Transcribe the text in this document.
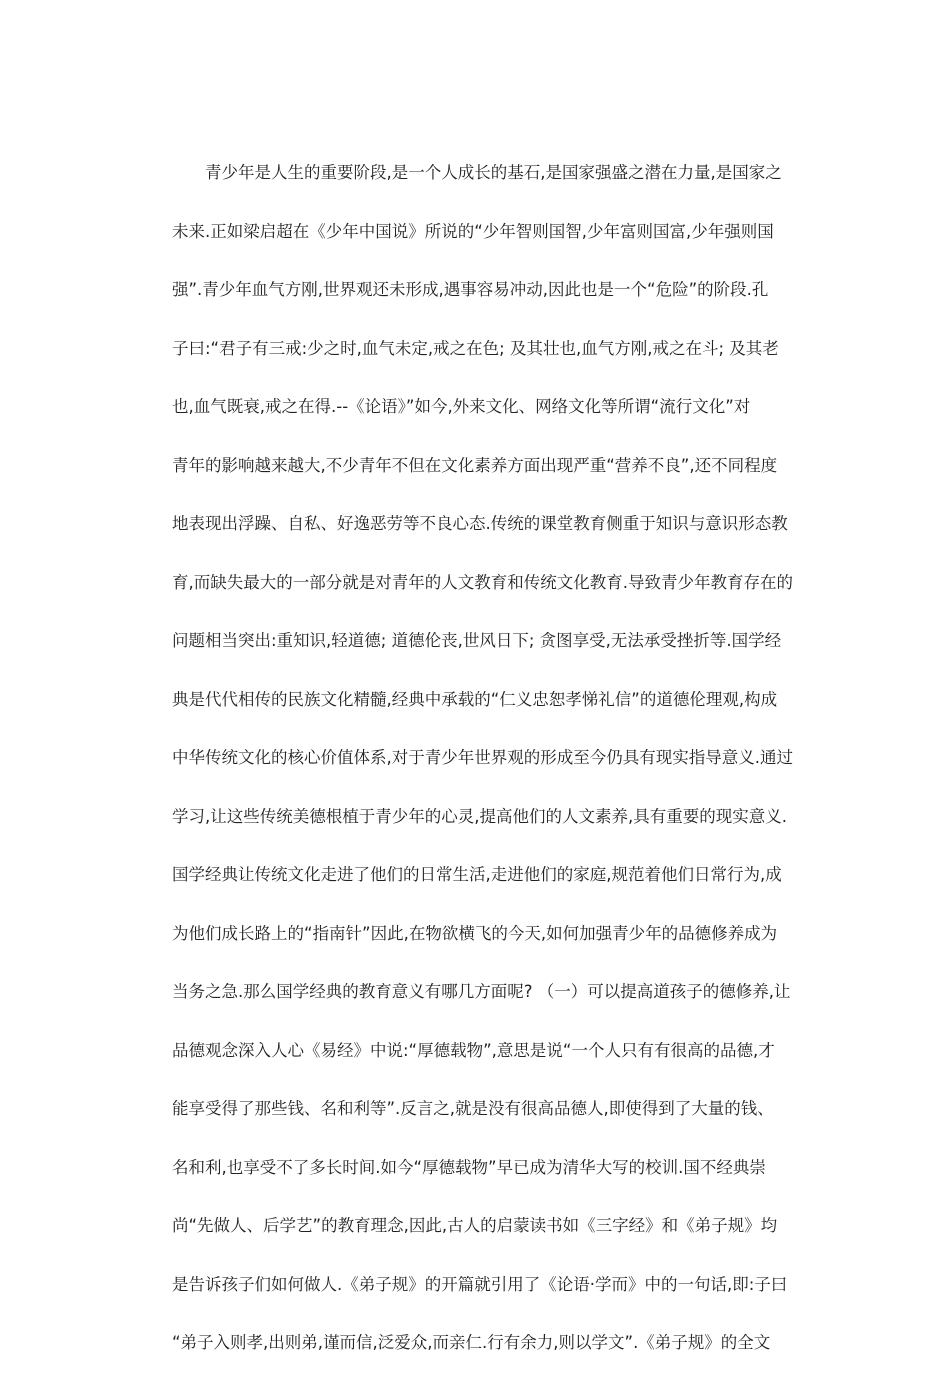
青少年是人生的重要阶段,是一个人成长的基石,是国家强盛之潜在力量,是国家之
未来.正如梁启超在《少年中国说》所说的“少年智则国智,少年富则国富,少年强则国
强”.青少年血气方刚,世界观还未形成,遇事容易冲动,因此也是一个“危险”的阶段.孔
子曰:“君子有三戒:少之时,血气未定,戒之在色; 及其壮也,血气方刚,戒之在斗; 及其老
也,血气既衰,戒之在得.--《论语》”如今,外来文化、网络文化等所谓“流行文化”对
青年的影响越来越大,不少青年不但在文化素养方面出现严重“营养不良”,还不同程度
地表现出浮躁、自私、好逸恶劳等不良心态.传统的课堂教育侧重于知识与意识形态教
育,而缺失最大的一部分就是对青年的人文教育和传统文化教育.导致青少年教育存在的
问题相当突出:重知识,轻道德; 道德伦丧,世风日下; 贪图享受,无法承受挫折等.国学经
典是代代相传的民族文化精髓,经典中承载的“仁义忠恕孝悌礼信”的道德伦理观,构成
中华传统文化的核心价值体系,对于青少年世界观的形成至今仍具有现实指导意义.通过
学习,让这些传统美德根植于青少年的心灵,提高他们的人文素养,具有重要的现实意义.
国学经典让传统文化走进了他们的日常生活,走进他们的家庭,规范着他们日常行为,成
为他们成长路上的“指南针”因此,在物欲横飞的今天,如何加强青少年的品德修养成为
当务之急.那么国学经典的教育意义有哪几方面呢? （一）可以提高道孩子的德修养,让
品德观念深入人心《易经》中说:“厚德载物”,意思是说“一个人只有有很高的品德,才
能享受得了那些钱、名和利等”.反言之,就是没有很高品德人,即使得到了大量的钱、
名和利,也享受不了多长时间.如今“厚德载物”早已成为清华大写的校训.国不经典崇
尚“先做人、后学艺”的教育理念,因此,古人的启蒙读书如《三字经》和《弟子规》均
是告诉孩子们如何做人.《弟子规》的开篇就引用了《论语·学而》中的一句话,即:子曰
“弟子入则孝,出则弟,谨而信,泛爱众,而亲仁.行有余力,则以学文”.《弟子规》的全文
